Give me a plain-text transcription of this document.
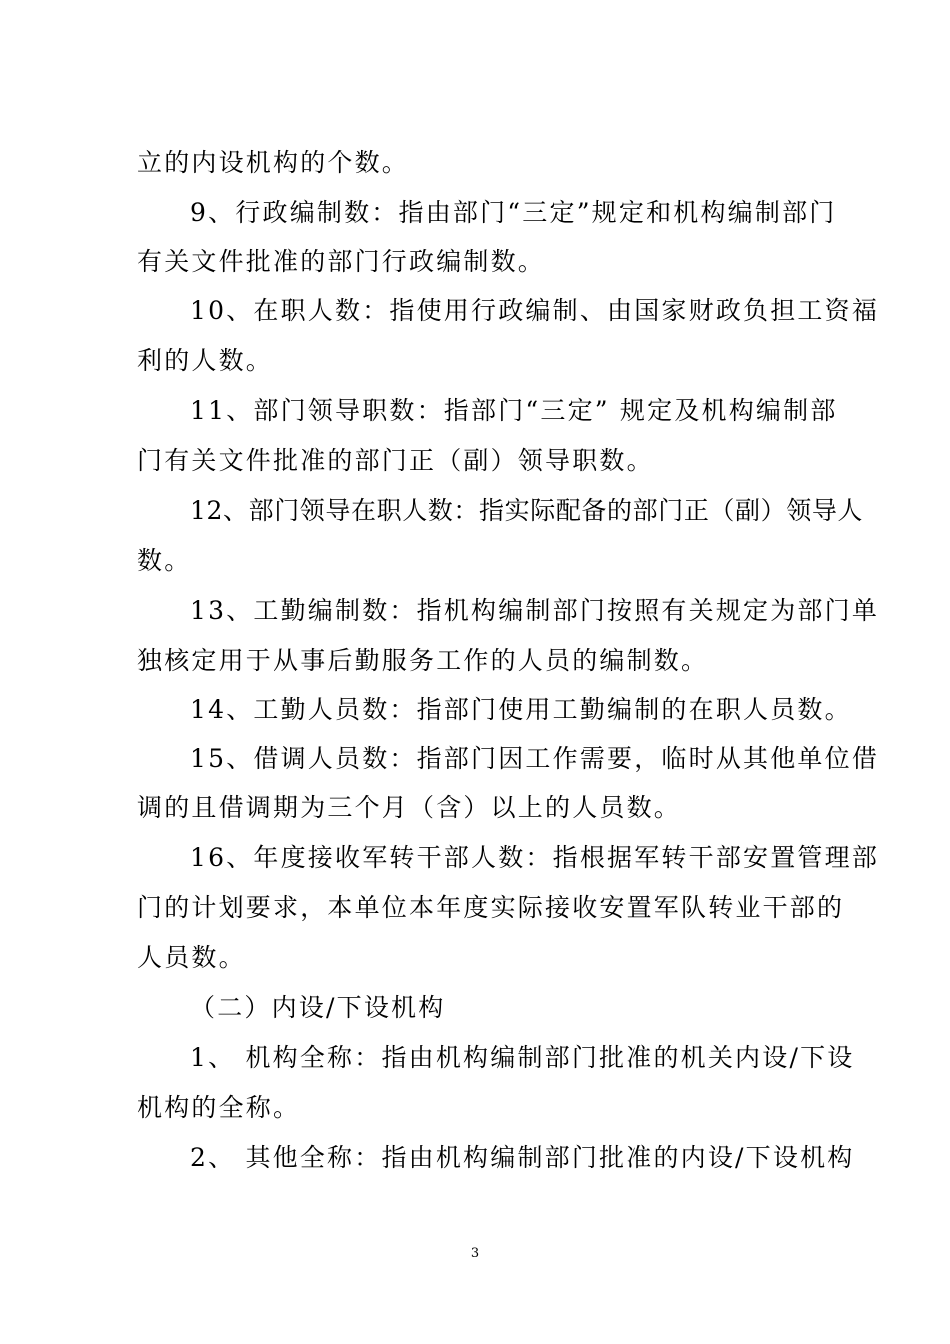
立的内设机构的个数。
9、行政编制数：指由部门“三定”规定和机构编制部门
有关文件批准的部门行政编制数。
10、在职人数：指使用行政编制、由国家财政负担工资福
利的人数。
11、部门领导职数：指部门“三定” 规定及机构编制部
门有关文件批准的部门正（副）领导职数。
12、部门领导在职人数：指实际配备的部门正（副）领导人
数。
13、工勤编制数：指机构编制部门按照有关规定为部门单
独核定用于从事后勤服务工作的人员的编制数。
14、工勤人员数：指部门使用工勤编制的在职人员数。
15、借调人员数：指部门因工作需要，临时从其他单位借
调的且借调期为三个月（含）以上的人员数。
16、年度接收军转干部人数：指根据军转干部安置管理部
门的计划要求，本单位本年度实际接收安置军队转业干部的
人员数。
（二）内设/下设机构
1、 机构全称：指由机构编制部门批准的机关内设/下设
机构的全称。
2、 其他全称：指由机构编制部门批准的内设/下设机构
3
